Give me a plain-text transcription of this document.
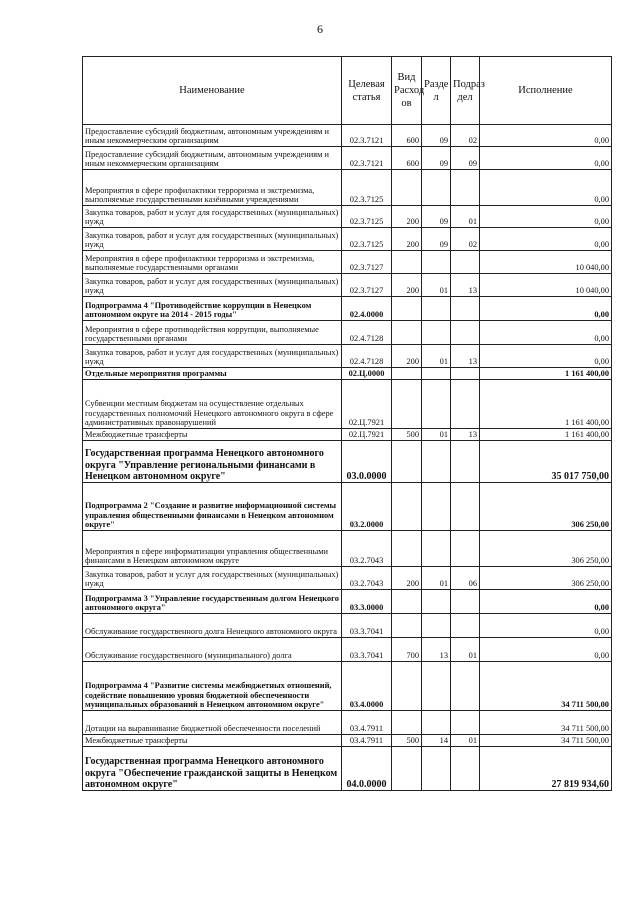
6
Наименование	Целевая статья	Вид Расход ов	Разде л	Подраз дел	Исполнение
Предоставление субсидий бюджетным, автономным учреждениям и иным некоммерческим организациям	02.3.7121	600	09	02	0,00
Предоставление субсидий бюджетным, автономным учреждениям и иным некоммерческим организациям	02.3.7121	600	09	09	0,00
Мероприятия в сфере профилактики терроризма и экстремизма, выполняемые государственными казёнными учреждениями	02.3.7125				0,00
Закупка товаров, работ и услуг для государственных (муниципальных) нужд	02.3.7125	200	09	01	0,00
Закупка товаров, работ и услуг для государственных (муниципальных) нужд	02.3.7125	200	09	02	0,00
Мероприятия в сфере профилактики терроризма и экстремизма, выполняемые государственными органами	02.3.7127				10 040,00
Закупка товаров, работ и услуг для государственных (муниципальных) нужд	02.3.7127	200	01	13	10 040,00
Подпрограмма 4 "Противодействие коррупции в Ненецком автономном округе на 2014 - 2015 годы"	02.4.0000				0,00
Мероприятия в сфере противодействия коррупции, выполняемые государственными органами	02.4.7128				0,00
Закупка товаров, работ и услуг для государственных (муниципальных) нужд	02.4.7128	200	01	13	0,00
Отдельные мероприятия программы	02.Ц.0000				1 161 400,00
Субвенции местным бюджетам на осуществление отдельных государственных полномочий Ненецкого автономного округа в сфере административных правонарушений	02.Ц.7921				1 161 400,00
Межбюджетные трансферты	02.Ц.7921	500	01	13	1 161 400,00
Государственная программа Ненецкого автономного округа "Управление региональными финансами в Ненецком автономном округе"	03.0.0000				35 017 750,00
Подпрограмма 2 "Создание и развитие информационной системы управления общественными финансами в Ненецком автономном округе"	03.2.0000				306 250,00
Мероприятия в сфере информатизации управления общественными финансами в Ненецком автономном округе	03.2.7043				306 250,00
Закупка товаров, работ и услуг для государственных (муниципальных) нужд	03.2.7043	200	01	06	306 250,00
Подпрограмма 3 "Управление государственным долгом Ненецкого автономного округа"	03.3.0000				0,00
Обслуживание государственного долга Ненецкого автономного округа	03.3.7041				0,00
Обслуживание государственного (муниципального) долга	03.3.7041	700	13	01	0,00
Подпрограмма 4 "Развитие системы межбюджетных отношений, содействие повышению уровня бюджетной обеспеченности муниципальных образований в Ненецком автономном округе"	03.4.0000				34 711 500,00
Дотации на выравнивание бюджетной обеспеченности поселений	03.4.7911				34 711 500,00
Межбюджетные трансферты	03.4.7911	500	14	01	34 711 500,00
Государственная программа Ненецкого автономного округа "Обеспечение гражданской защиты в Ненецком автономном округе"	04.0.0000				27 819 934,60
